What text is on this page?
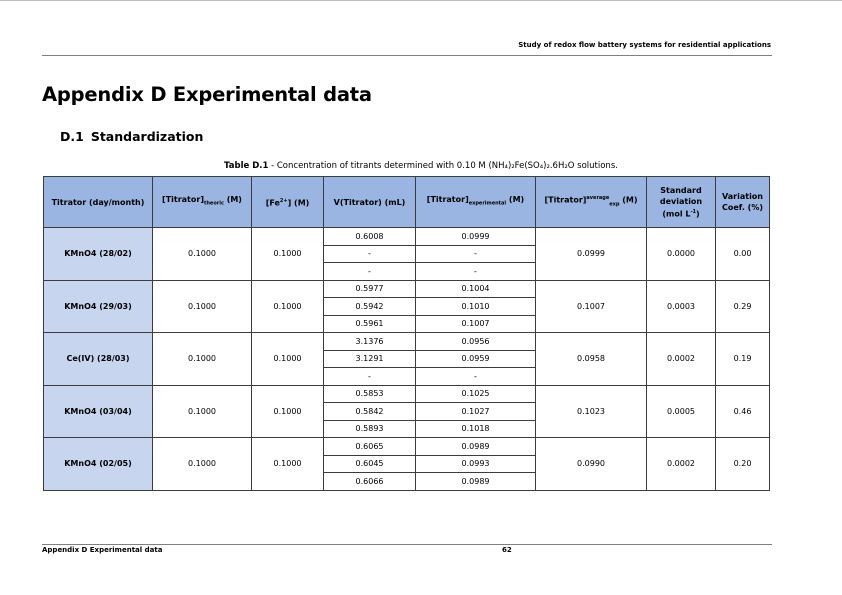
Study of redox flow battery systems for residential applications
Appendix D Experimental data
D.1 Standardization
Table D.1 - Concentration of titrants determined with 0.10 M (NH₄)₂Fe(SO₄)₂.6H₂O solutions.
Titrator (day/month)	$[Titrator]_{theoric}$ (M)	$[Fe^{2+}]$ (M)	V(Titrator) (mL)	$[Titrator]_{experimental}$ (M)	[Titrator]$^{average}_{exp}$ (M)	Standard
deviation
(mol $L^{-1}$)	Variation
Coef. (%)
KMnO4 (28/02)	0.1000	0.1000	0.6008	0.0999	0.0999	0.0000	0.00
			-	-			
			-	-			
KMnO4 (29/03)	0.1000	0.1000	0.5977	0.1004	0.1007	0.0003	0.29
			0.5942	0.1010			
			0.5961	0.1007			
Ce(IV) (28/03)	0.1000	0.1000	3.1376	0.0956	0.0958	0.0002	0.19
			3.1291	0.0959			
			-	-			
KMnO4 (03/04)	0.1000	0.1000	0.5853	0.1025	0.1023	0.0005	0.46
			0.5842	0.1027			
			0.5893	0.1018			
KMnO4 (02/05)	0.1000	0.1000	0.6065	0.0989	0.0990	0.0002	0.20
			0.6045	0.0993			
			0.6066	0.0989			
Appendix D Experimental data	62
